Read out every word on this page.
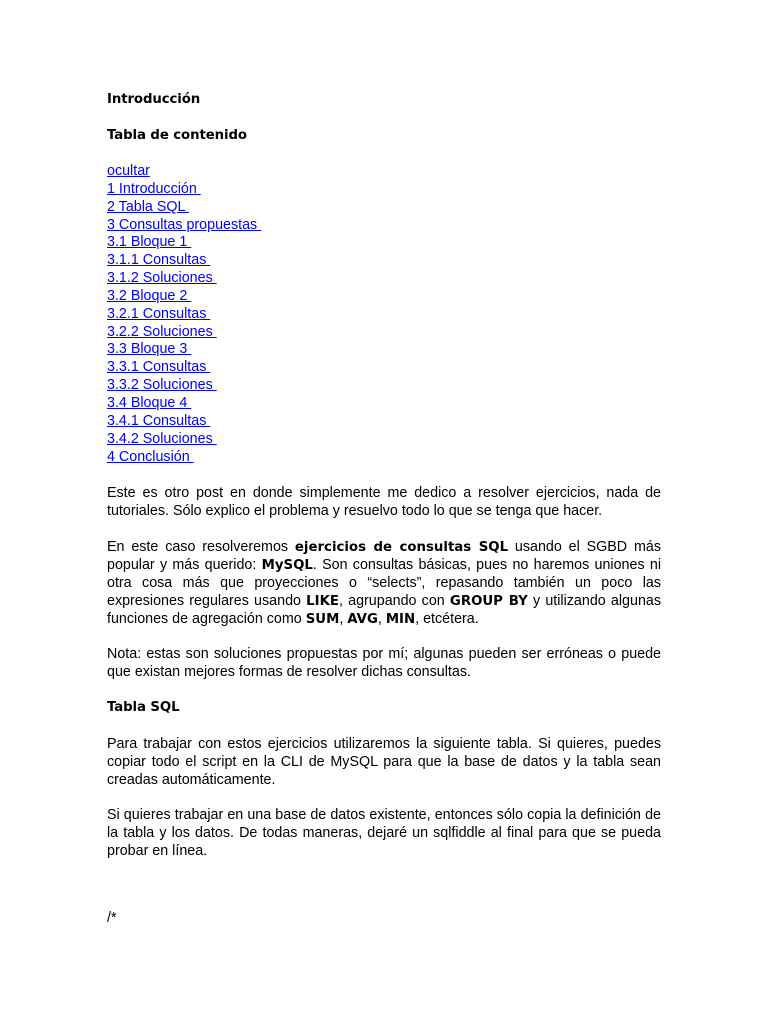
Introducción
Tabla de contenido
ocultar
1 Introducción
2 Tabla SQL
3 Consultas propuestas
3.1 Bloque 1
3.1.1 Consultas
3.1.2 Soluciones
3.2 Bloque 2
3.2.1 Consultas
3.2.2 Soluciones
3.3 Bloque 3
3.3.1 Consultas
3.3.2 Soluciones
3.4 Bloque 4
3.4.1 Consultas
3.4.2 Soluciones
4 Conclusión

Este es otro post en donde simplemente me dedico a resolver ejercicios, nada de tutoriales. Sólo explico el problema y resuelvo todo lo que se tenga que hacer.

En este caso resolveremos ejercicios de consultas SQL usando el SGBD más popular y más querido: MySQL. Son consultas básicas, pues no haremos uniones ni otra cosa más que proyecciones o “selects”, repasando también un poco las expresiones regulares usando LIKE, agrupando con GROUP BY y utilizando algunas funciones de agregación como SUM, AVG, MIN, etcétera.

Nota: estas son soluciones propuestas por mí; algunas pueden ser erróneas o puede que existan mejores formas de resolver dichas consultas.

Tabla SQL

Para trabajar con estos ejercicios utilizaremos la siguiente tabla. Si quieres, puedes copiar todo el script en la CLI de MySQL para que la base de datos y la tabla sean creadas automáticamente.

Si quieres trabajar en una base de datos existente, entonces sólo copia la definición de la tabla y los datos. De todas maneras, dejaré un sqlfiddle al final para que se pueda probar en línea.

/*
